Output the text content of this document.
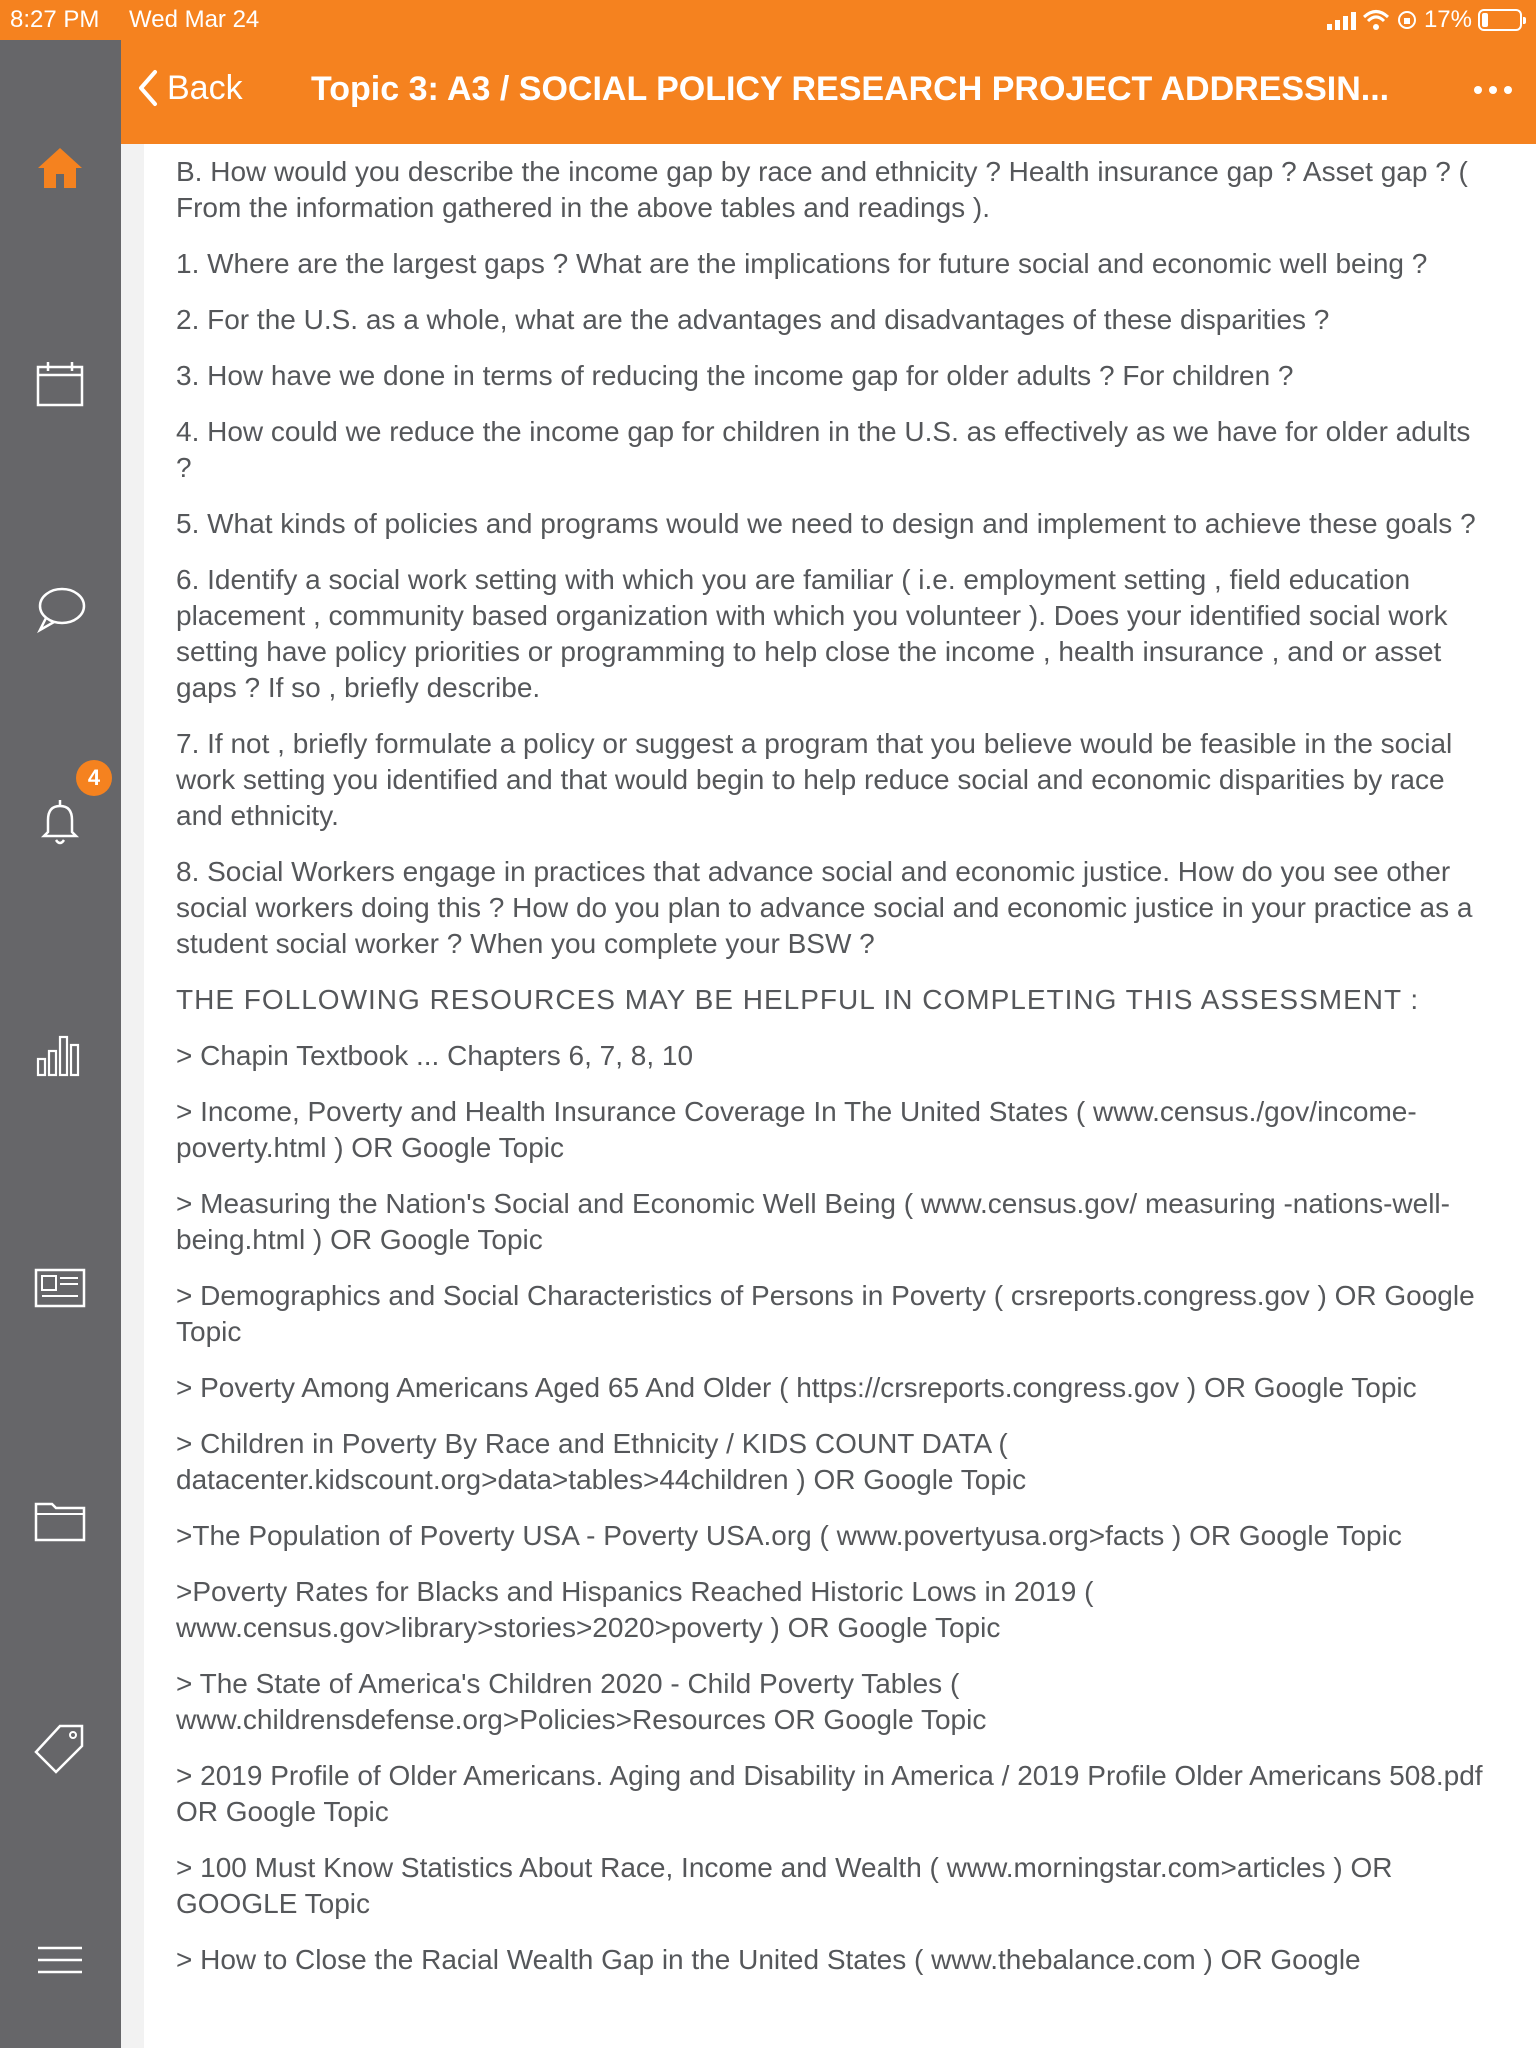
8:27 PM Wed Mar 24	17%
4
Back Topic 3: A3 / SOCIAL POLICY RESEARCH PROJECT ADDRESSIN...

B. How would you describe the income gap by race and ethnicity ? Health insurance gap ? Asset gap ? ( From the information gathered in the above tables and readings ).

1. Where are the largest gaps ? What are the implications for future social and economic well being ?

2. For the U.S. as a whole, what are the advantages and disadvantages of these disparities ?

3. How have we done in terms of reducing the income gap for older adults ? For children ?

4. How could we reduce the income gap for children in the U.S. as effectively as we have for older adults ?

5. What kinds of policies and programs would we need to design and implement to achieve these goals ?

6. Identify a social work setting with which you are familiar ( i.e. employment setting , field education placement , community based organization with which you volunteer ). Does your identified social work setting have policy priorities or programming to help close the income , health insurance , and or asset gaps ? If so , briefly describe.

7. If not , briefly formulate a policy or suggest a program that you believe would be feasible in the social work setting you identified and that would begin to help reduce social and economic disparities by race and ethnicity.

8. Social Workers engage in practices that advance social and economic justice. How do you see other social workers doing this ? How do you plan to advance social and economic justice in your practice as a student social worker ? When you complete your BSW ?

THE FOLLOWING RESOURCES MAY BE HELPFUL IN COMPLETING THIS ASSESSMENT :

> Chapin Textbook ... Chapters 6, 7, 8, 10

> Income, Poverty and Health Insurance Coverage In The United States ( www.census./gov/income-poverty.html ) OR Google Topic

> Measuring the Nation's Social and Economic Well Being ( www.census.gov/ measuring -nations-well-being.html ) OR Google Topic

> Demographics and Social Characteristics of Persons in Poverty ( crsreports.congress.gov ) OR Google Topic

> Poverty Among Americans Aged 65 And Older ( https://crsreports.congress.gov ) OR Google Topic

> Children in Poverty By Race and Ethnicity / KIDS COUNT DATA ( datacenter.kidscount.org>data>tables>44children ) OR Google Topic

>The Population of Poverty USA - Poverty USA.org ( www.povertyusa.org>facts ) OR Google Topic

>Poverty Rates for Blacks and Hispanics Reached Historic Lows in 2019 ( www.census.gov>library>stories>2020>poverty ) OR Google Topic

> The State of America's Children 2020 - Child Poverty Tables ( www.childrensdefense.org>Policies>Resources OR Google Topic

> 2019 Profile of Older Americans. Aging and Disability in America / 2019 Profile Older Americans 508.pdf OR Google Topic

> 100 Must Know Statistics About Race, Income and Wealth ( www.morningstar.com>articles ) OR GOOGLE Topic

> How to Close the Racial Wealth Gap in the United States ( www.thebalance.com ) OR Google
